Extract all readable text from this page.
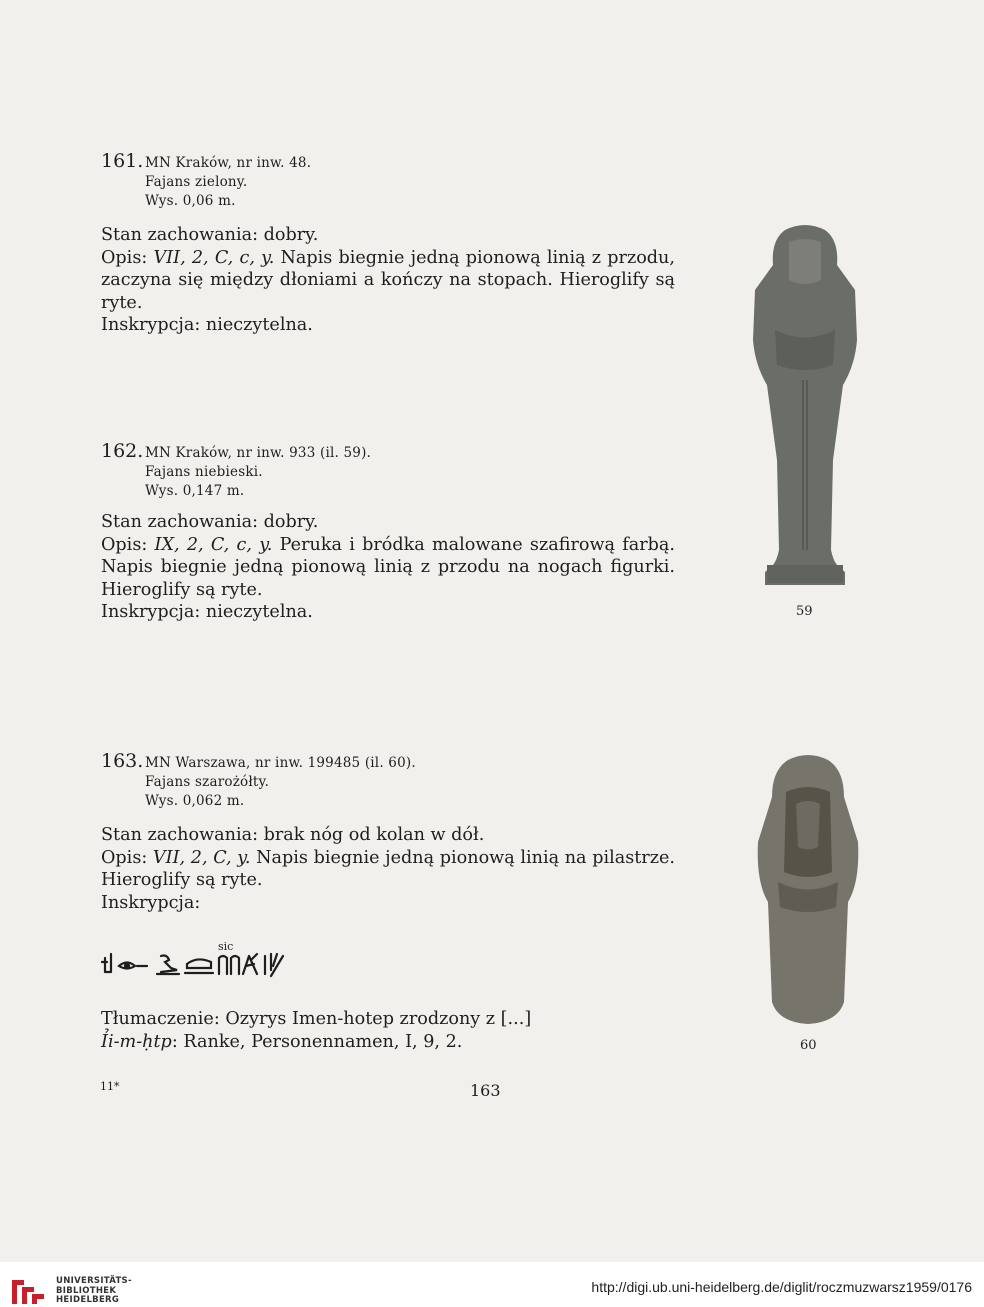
161. MN Kraków, nr inw. 48.
Fajans zielony.
Wys. 0,06 m.

Stan zachowania: dobry.

Opis: VII, 2, C, c, y. Napis biegnie jedną pionową linią z przodu, zaczyna się między dłoniami a kończy na stopach. Hieroglify są ryte.

Inskrypcja: nieczytelna.

162. MN Kraków, nr inw. 933 (il. 59).
Fajans niebieski.
Wys. 0,147 m.

Stan zachowania: dobry.

Opis: IX, 2, C, c, y. Peruka i bródka malowane szafirową farbą. Napis biegnie jedną pionową linią z przodu na nogach figurki. Hieroglify są ryte.

Inskrypcja: nieczytelna.

163. MN Warszawa, nr inw. 199485 (il. 60).
Fajans szarożółty.
Wys. 0,062 m.

Stan zachowania: brak nóg od kolan w dół.

Opis: VII, 2, C, y. Napis biegnie jedną pionową linią na pilastrze. Hieroglify są ryte.

Inskrypcja:

Tłumaczenie: Ozyrys Imen-hotep zrodzony z [...]

Ỉi-m-ḥtp: Ranke, Personennamen, I, 9, 2.

sic
59
60
11*	163
UNIVERSITÄTS-
BIBLIOTHEK
HEIDELBERG
http://digi.ub.uni-heidelberg.de/diglit/roczmuzwarsz1959/0176
